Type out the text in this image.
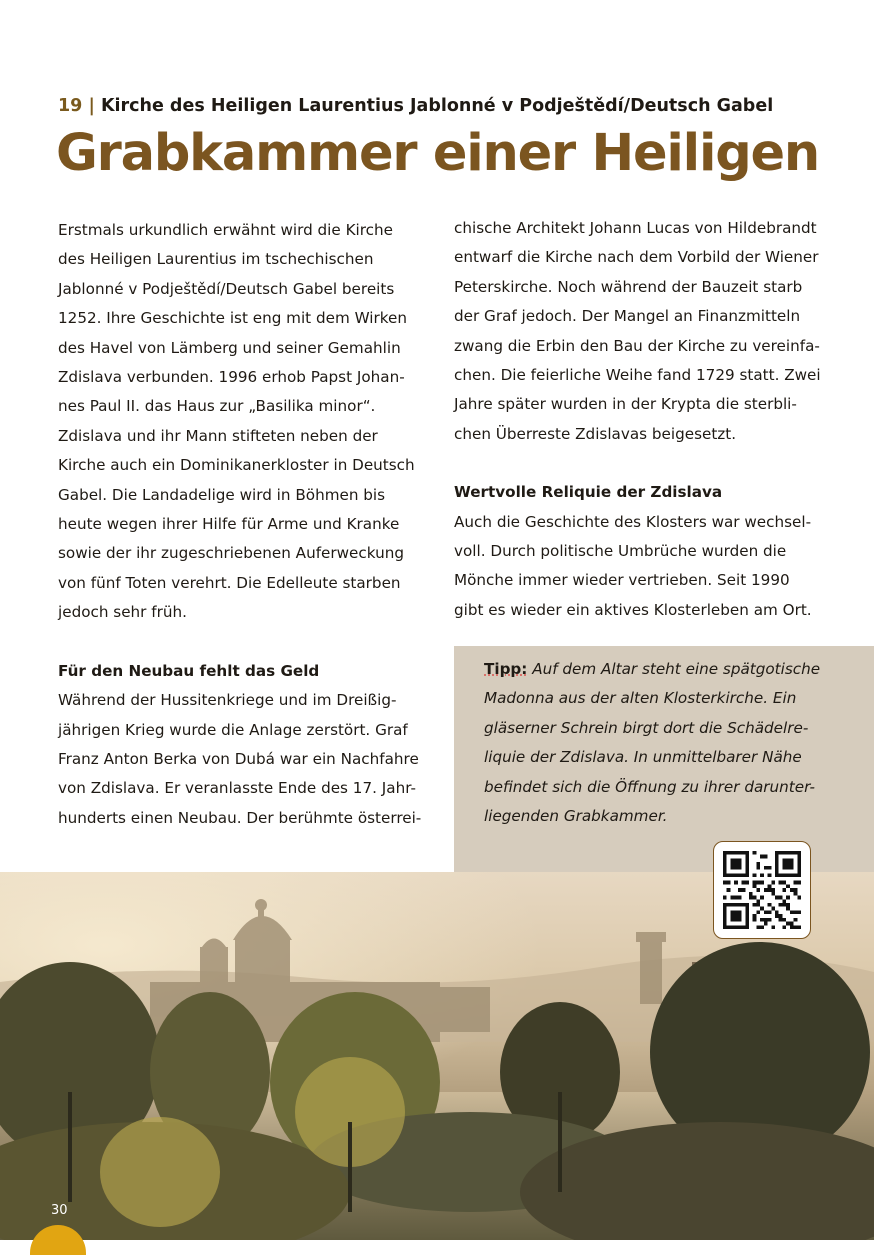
19 | Kirche des Heiligen Laurentius Jablonné v Podještědí/Deutsch Gabel
Grabkammer einer Heiligen

Erstmals urkundlich erwähnt wird die Kirche
des Heiligen Laurentius im tschechischen
Jablonné v Podještědí/Deutsch Gabel bereits
1252. Ihre Geschichte ist eng mit dem Wirken
des Havel von Lämberg und seiner Gemahlin
Zdislava verbunden. 1996 erhob Papst Johan-
nes Paul II. das Haus zur „Basilika minor“.
Zdislava und ihr Mann stifteten neben der
Kirche auch ein Dominikanerkloster in Deutsch
Gabel. Die Landadelige wird in Böhmen bis
heute wegen ihrer Hilfe für Arme und Kranke
sowie der ihr zugeschriebenen Auferweckung
von fünf Toten verehrt. Die Edelleute starben
jedoch sehr früh.

Für den Neubau fehlt das Geld

Während der Hussitenkriege und im Dreißig-
jährigen Krieg wurde die Anlage zerstört. Graf
Franz Anton Berka von Dubá war ein Nachfahre
von Zdislava. Er veranlasste Ende des 17. Jahr-
hunderts einen Neubau. Der berühmte österrei-

chische Architekt Johann Lucas von Hildebrandt
entwarf die Kirche nach dem Vorbild der Wiener
Peterskirche. Noch während der Bauzeit starb
der Graf jedoch. Der Mangel an Finanzmitteln
zwang die Erbin den Bau der Kirche zu vereinfa-
chen. Die feierliche Weihe fand 1729 statt. Zwei
Jahre später wurden in der Krypta die sterbli-
chen Überreste Zdislavas beigesetzt.

Wertvolle Reliquie der Zdislava

Auch die Geschichte des Klosters war wechsel-
voll. Durch politische Umbrüche wurden die
Mönche immer wieder vertrieben. Seit 1990
gibt es wieder ein aktives Klosterleben am Ort.

Tipp: Auf dem Altar steht eine spätgotische
Madonna aus der alten Klosterkirche. Ein
gläserner Schrein birgt dort die Schädelre-
liquie der Zdislava. In unmittelbarer Nähe
befindet sich die Öffnung zu ihrer darunter-
liegenden Grabkammer.
30
